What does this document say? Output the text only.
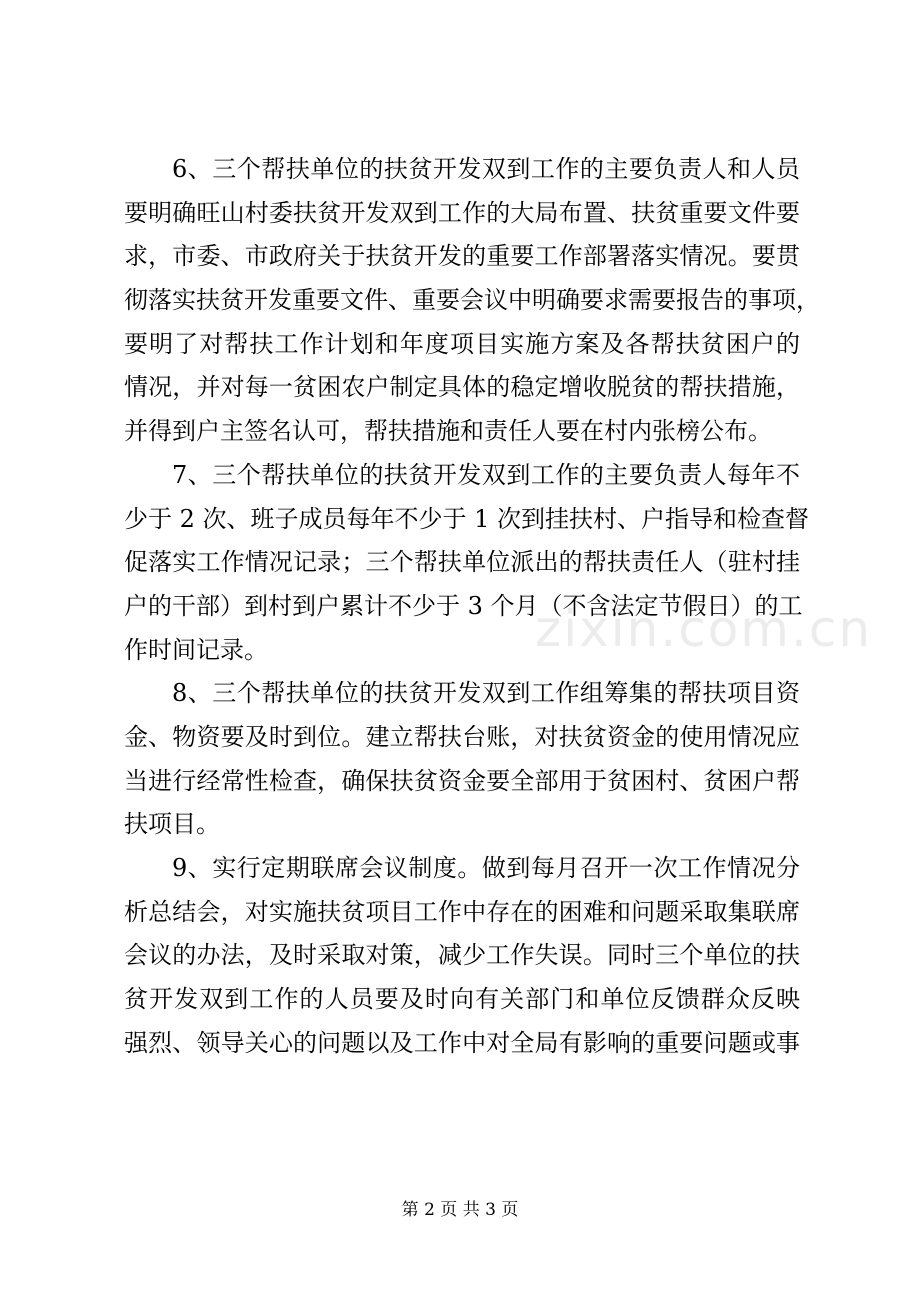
6、三个帮扶单位的扶贫开发双到工作的主要负责人和人员
要明确旺山村委扶贫开发双到工作的大局布置、扶贫重要文件要
求，市委、市政府关于扶贫开发的重要工作部署落实情况。要贯
彻落实扶贫开发重要文件、重要会议中明确要求需要报告的事项，
要明了对帮扶工作计划和年度项目实施方案及各帮扶贫困户的
情况，并对每一贫困农户制定具体的稳定增收脱贫的帮扶措施，
并得到户主签名认可，帮扶措施和责任人要在村内张榜公布。
7、三个帮扶单位的扶贫开发双到工作的主要负责人每年不
少于 2 次、班子成员每年不少于 1 次到挂扶村、户指导和检查督
促落实工作情况记录；三个帮扶单位派出的帮扶责任人（驻村挂
户的干部）到村到户累计不少于 3 个月（不含法定节假日）的工
作时间记录。
8、三个帮扶单位的扶贫开发双到工作组筹集的帮扶项目资
金、物资要及时到位。建立帮扶台账，对扶贫资金的使用情况应
当进行经常性检查，确保扶贫资金要全部用于贫困村、贫困户帮
扶项目。
9、实行定期联席会议制度。做到每月召开一次工作情况分
析总结会，对实施扶贫项目工作中存在的困难和问题采取集联席
会议的办法，及时采取对策，减少工作失误。同时三个单位的扶
贫开发双到工作的人员要及时向有关部门和单位反馈群众反映
强烈、领导关心的问题以及工作中对全局有影响的重要问题或事
zixin.com.cn
第 2 页 共 3 页
